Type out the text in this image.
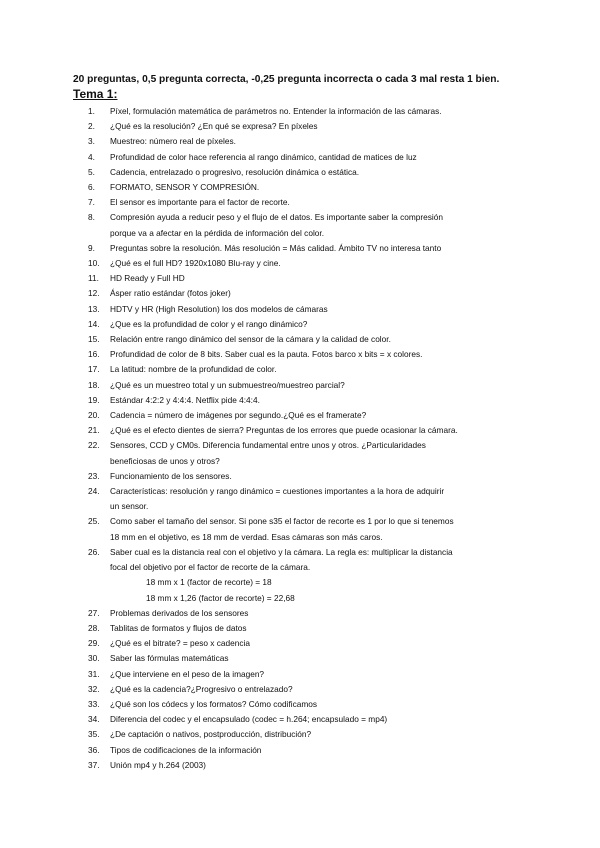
20 preguntas, 0,5 pregunta correcta, -0,25 pregunta incorrecta o cada 3 mal resta 1 bien.
Tema 1:
1. Píxel, formulación matemática de parámetros no. Entender la información de las cámaras.
2. ¿Qué es la resolución? ¿En qué se expresa? En píxeles
3. Muestreo: número real de píxeles.
4. Profundidad de color hace referencia al rango dinámico, cantidad de matices de luz
5. Cadencia, entrelazado o progresivo, resolución dinámica o estática.
6. FORMATO, SENSOR Y COMPRESIÓN.
7. El sensor es importante para el factor de recorte.
8. Compresión ayuda a reducir peso y el flujo de el datos. Es importante saber la compresión
porque va a afectar en la pérdida de información del color.
9. Preguntas sobre la resolución. Más resolución = Más calidad. Ámbito TV no interesa tanto
10. ¿Qué es el full HD? 1920x1080 Blu-ray y cine.
11. HD Ready y Full HD
12. Ásper ratio estándar (fotos joker)
13. HDTV y HR (High Resolution) los dos modelos de cámaras
14. ¿Que es la profundidad de color y el rango dinámico?
15. Relación entre rango dinámico del sensor de la cámara y la calidad de color.
16. Profundidad de color de 8 bits. Saber cual es la pauta. Fotos barco x bits = x colores.
17. La latitud: nombre de la profundidad de color.
18. ¿Qué es un muestreo total y un submuestreo/muestreo parcial?
19. Estándar 4:2:2 y 4:4:4. Netflix pide 4:4:4.
20. Cadencia = número de imágenes por segundo.¿Qué es el framerate?
21. ¿Qué es el efecto dientes de sierra? Preguntas de los errores que puede ocasionar la cámara.
22. Sensores, CCD y CM0s. Diferencia fundamental entre unos y otros. ¿Particularidades
beneficiosas de unos y otros?
23. Funcionamiento de los sensores.
24. Características: resolución y rango dinámico = cuestiones importantes a la hora de adquirir
un sensor.
25. Como saber el tamaño del sensor. Si pone s35 el factor de recorte es 1 por lo que si tenemos
18 mm en el objetivo, es 18 mm de verdad. Esas cámaras son más caros.
26. Saber cual es la distancia real con el objetivo y la cámara. La regla es: multiplicar la distancia
focal del objetivo por el factor de recorte de la cámara.
18 mm x 1 (factor de recorte) = 18
18 mm x 1,26 (factor de recorte) = 22,68
27. Problemas derivados de los sensores
28. Tablitas de formatos y flujos de datos
29. ¿Qué es el bitrate? = peso x cadencia
30. Saber las fórmulas matemáticas
31. ¿Que interviene en el peso de la imagen?
32. ¿Qué es la cadencia?¿Progresivo o entrelazado?
33. ¿Qué son los códecs y los formatos? Cómo codificamos
34. Diferencia del codec y el encapsulado (codec = h.264; encapsulado = mp4)
35. ¿De captación o nativos, postproducción, distribución?
36. Tipos de codificaciones de la información
37. Unión mp4 y h.264 (2003)
